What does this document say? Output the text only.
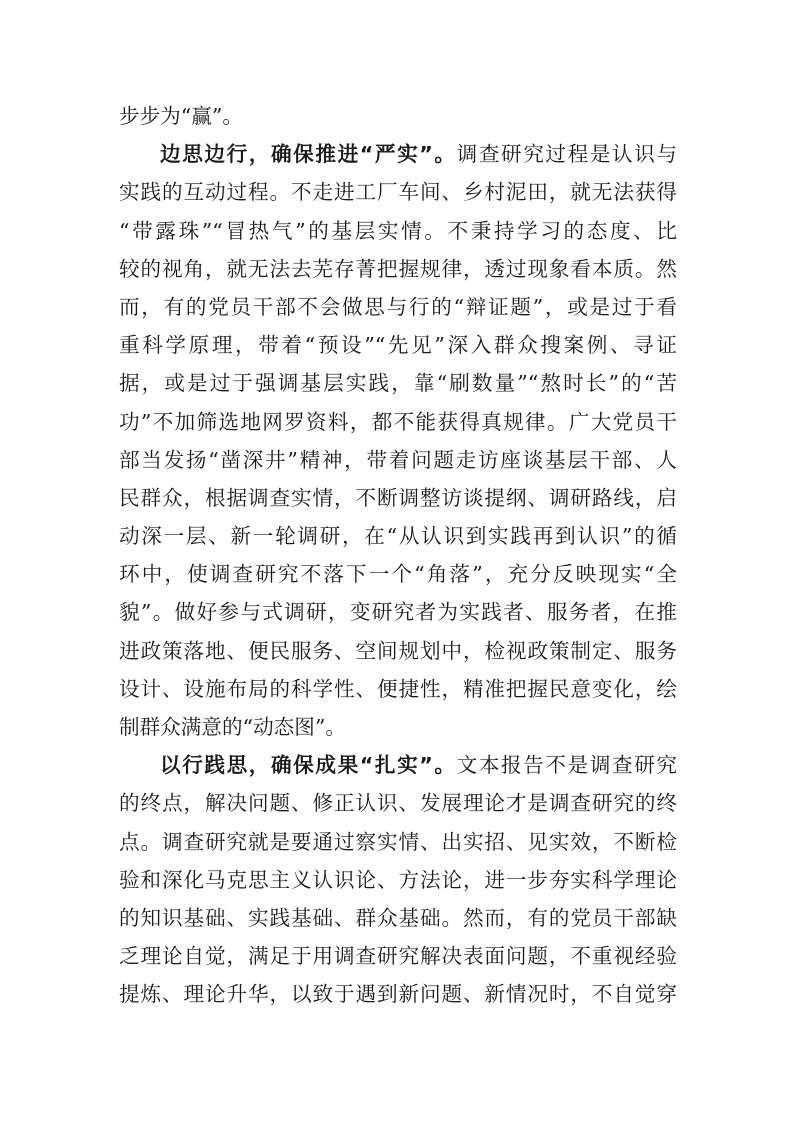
步步为“赢”。
边思边行，确保推进“严实”。调查研究过程是认识与
实践的互动过程。不走进工厂车间、乡村泥田，就无法获得
“带露珠”“冒热气”的基层实情。不秉持学习的态度、比
较的视角，就无法去芜存菁把握规律，透过现象看本质。然
而，有的党员干部不会做思与行的“辩证题”，或是过于看
重科学原理，带着“预设”“先见”深入群众搜案例、寻证
据，或是过于强调基层实践，靠“刷数量”“熬时长”的“苦
功”不加筛选地网罗资料，都不能获得真规律。广大党员干
部当发扬“凿深井”精神，带着问题走访座谈基层干部、人
民群众，根据调查实情，不断调整访谈提纲、调研路线，启
动深一层、新一轮调研，在“从认识到实践再到认识”的循
环中，使调查研究不落下一个“角落”，充分反映现实“全
貌”。做好参与式调研，变研究者为实践者、服务者，在推
进政策落地、便民服务、空间规划中，检视政策制定、服务
设计、设施布局的科学性、便捷性，精准把握民意变化，绘
制群众满意的“动态图”。
以行践思，确保成果“扎实”。文本报告不是调查研究
的终点，解决问题、修正认识、发展理论才是调查研究的终
点。调查研究就是要通过察实情、出实招、见实效，不断检
验和深化马克思主义认识论、方法论，进一步夯实科学理论
的知识基础、实践基础、群众基础。然而，有的党员干部缺
乏理论自觉，满足于用调查研究解决表面问题，不重视经验
提炼、理论升华，以致于遇到新问题、新情况时，不自觉穿
